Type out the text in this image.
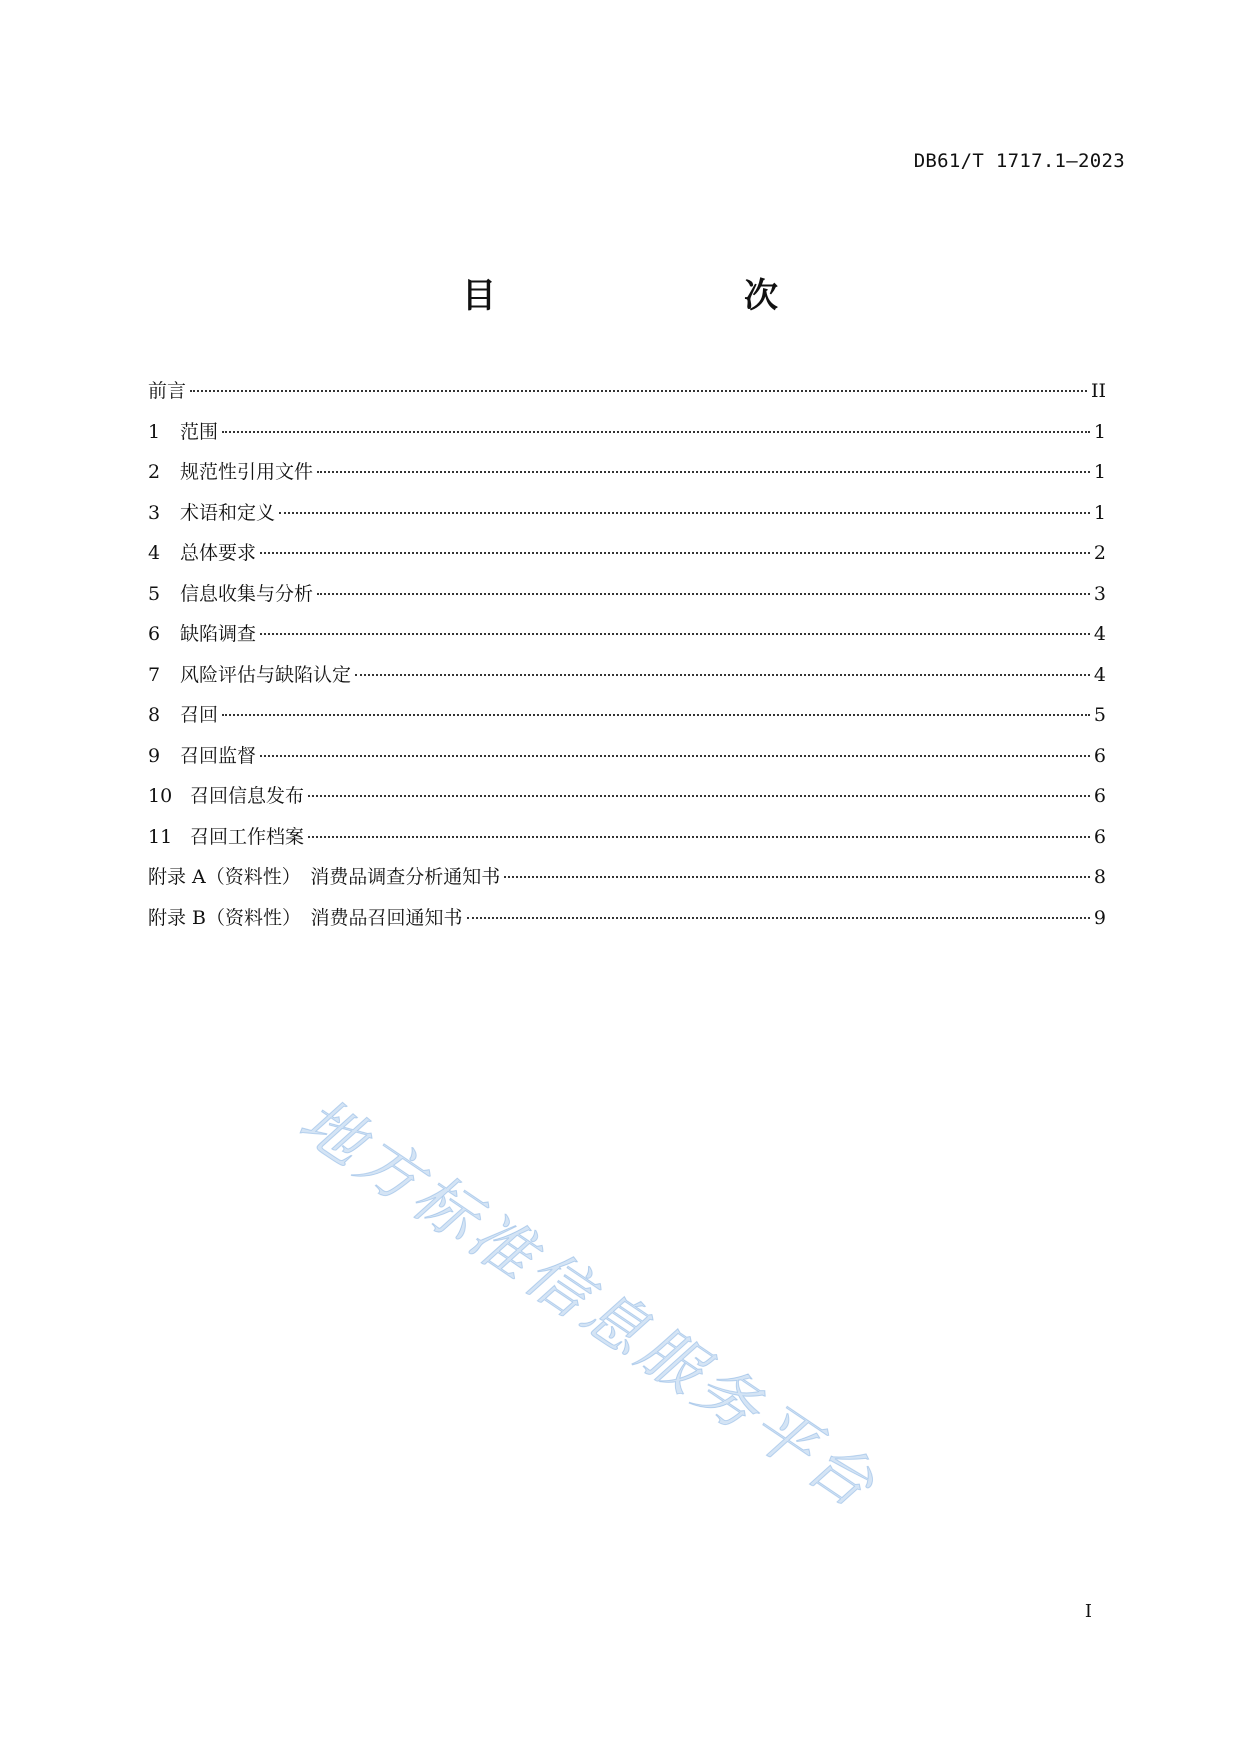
DB61/T 1717.1—2023
目　　次
前言	II
1	范围	1
2	规范性引用文件	1
3	术语和定义	1
4	总体要求	2
5	信息收集与分析	3
6	缺陷调查	4
7	风险评估与缺陷认定	4
8	召回	5
9	召回监督	6
10 召回信息发布	6
11 召回工作档案	6
附录 A（资料性）　消费品调查分析通知书	8
附录 B（资料性）　消费品召回通知书	9
地方标准信息服务平台
I
